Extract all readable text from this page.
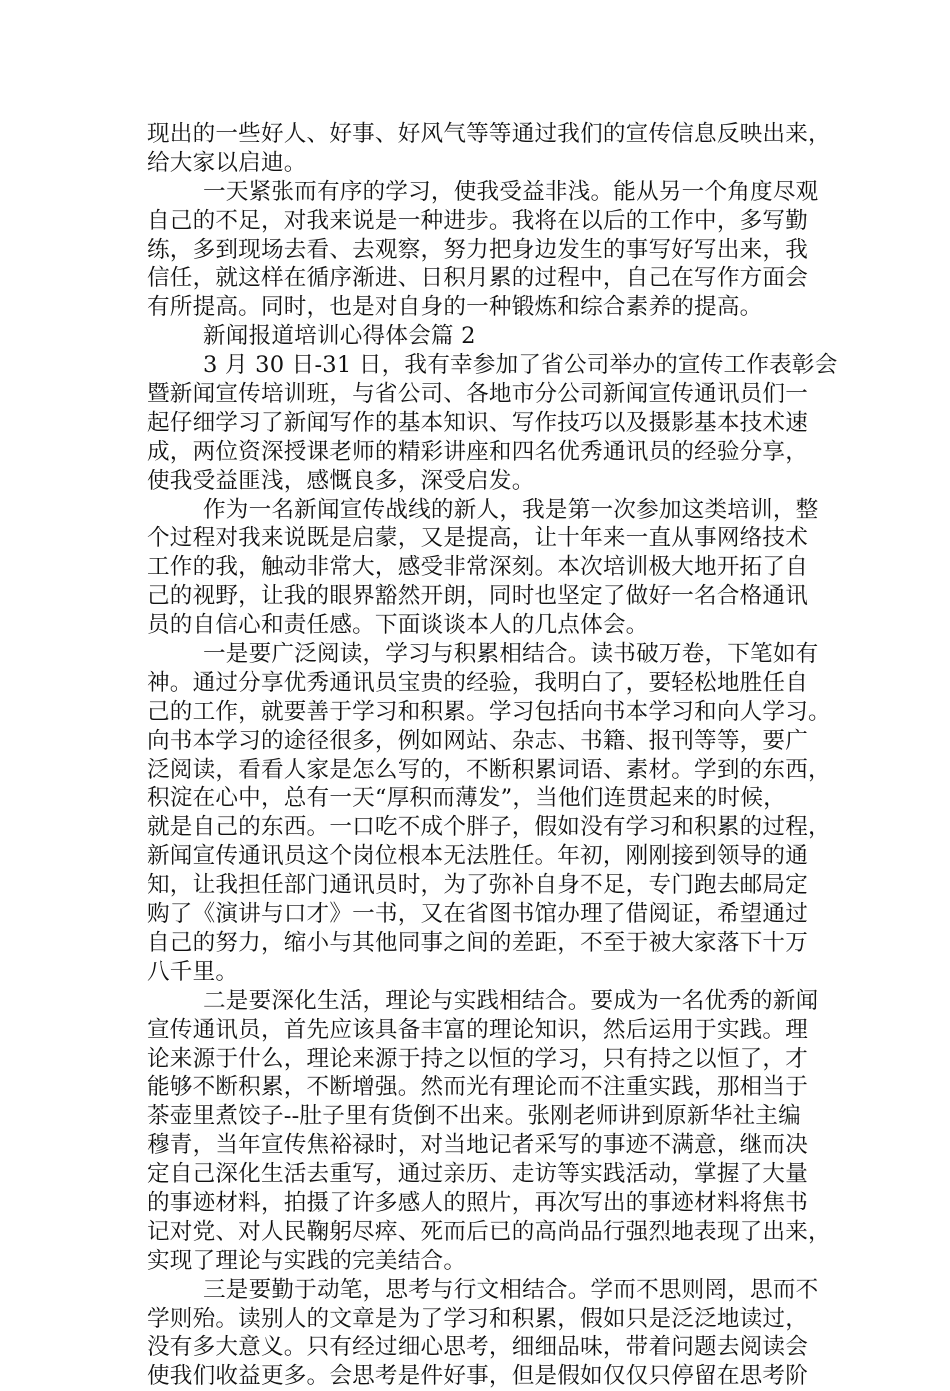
现出的一些好人、好事、好风气等等通过我们的宣传信息反映出来，
给大家以启迪。
一天紧张而有序的学习，使我受益非浅。能从另一个角度尽观
自己的不足，对我来说是一种进步。我将在以后的工作中，多写勤
练，多到现场去看、去观察，努力把身边发生的事写好写出来，我
信任，就这样在循序渐进、日积月累的过程中，自己在写作方面会
有所提高。同时，也是对自身的一种锻炼和综合素养的提高。
新闻报道培训心得体会篇 2
3 月 30 日-31 日，我有幸参加了省公司举办的宣传工作表彰会
暨新闻宣传培训班，与省公司、各地市分公司新闻宣传通讯员们一
起仔细学习了新闻写作的基本知识、写作技巧以及摄影基本技术速
成，两位资深授课老师的精彩讲座和四名优秀通讯员的经验分享，
使我受益匪浅，感慨良多，深受启发。
作为一名新闻宣传战线的新人，我是第一次参加这类培训，整
个过程对我来说既是启蒙，又是提高，让十年来一直从事网络技术
工作的我，触动非常大，感受非常深刻。本次培训极大地开拓了自
己的视野，让我的眼界豁然开朗，同时也坚定了做好一名合格通讯
员的自信心和责任感。下面谈谈本人的几点体会。
一是要广泛阅读，学习与积累相结合。读书破万卷，下笔如有
神。通过分享优秀通讯员宝贵的经验，我明白了，要轻松地胜任自
己的工作，就要善于学习和积累。学习包括向书本学习和向人学习。
向书本学习的途径很多，例如网站、杂志、书籍、报刊等等，要广
泛阅读，看看人家是怎么写的，不断积累词语、素材。学到的东西，
积淀在心中，总有一天“厚积而薄发”，当他们连贯起来的时候，
就是自己的东西。一口吃不成个胖子，假如没有学习和积累的过程，
新闻宣传通讯员这个岗位根本无法胜任。年初，刚刚接到领导的通
知，让我担任部门通讯员时，为了弥补自身不足，专门跑去邮局定
购了《演讲与口才》一书，又在省图书馆办理了借阅证，希望通过
自己的努力，缩小与其他同事之间的差距，不至于被大家落下十万
八千里。
二是要深化生活，理论与实践相结合。要成为一名优秀的新闻
宣传通讯员，首先应该具备丰富的理论知识，然后运用于实践。理
论来源于什么，理论来源于持之以恒的学习，只有持之以恒了，才
能够不断积累，不断增强。然而光有理论而不注重实践，那相当于
茶壶里煮饺子--肚子里有货倒不出来。张刚老师讲到原新华社主编
穆青，当年宣传焦裕禄时，对当地记者采写的事迹不满意，继而决
定自己深化生活去重写，通过亲历、走访等实践活动，掌握了大量
的事迹材料，拍摄了许多感人的照片，再次写出的事迹材料将焦书
记对党、对人民鞠躬尽瘁、死而后已的高尚品行强烈地表现了出来，
实现了理论与实践的完美结合。
三是要勤于动笔，思考与行文相结合。学而不思则罔，思而不
学则殆。读别人的文章是为了学习和积累，假如只是泛泛地读过，
没有多大意义。只有经过细心思考，细细品味，带着问题去阅读会
使我们收益更多。会思考是件好事，但是假如仅仅只停留在思考阶
